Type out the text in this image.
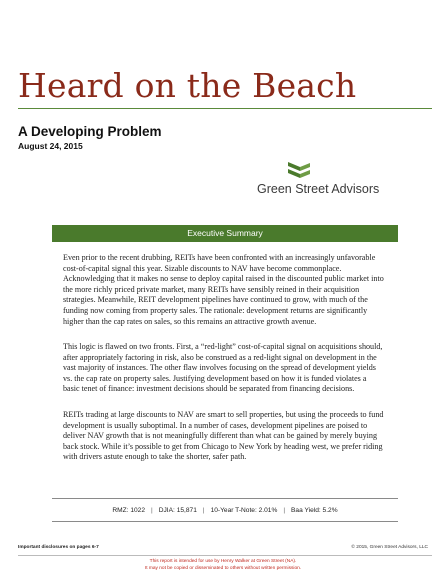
Heard on the Beach
A Developing Problem
August 24, 2015
Green Street Advisors
Executive Summary
Even prior to the recent drubbing, REITs have been confronted with an increasingly unfavorable cost-of-capital signal this year. Sizable discounts to NAV have become commonplace. Acknowledging that it makes no sense to deploy capital raised in the discounted public market into the more richly priced private market, many REITs have sensibly reined in their acquisition strategies. Meanwhile, REIT development pipelines have continued to grow, with much of the funding now coming from property sales. The rationale: development returns are significantly higher than the cap rates on sales, so this remains an attractive growth avenue.
This logic is flawed on two fronts. First, a “red-light” cost-of-capital signal on acquisitions should, after appropriately factoring in risk, also be construed as a red-light signal on development in the vast majority of instances. The other flaw involves focusing on the spread of development yields vs. the cap rate on property sales. Justifying development based on how it is funded violates a basic tenet of finance: investment decisions should be separated from financing decisions.
REITs trading at large discounts to NAV are smart to sell properties, but using the proceeds to fund development is usually suboptimal. In a number of cases, development pipelines are poised to deliver NAV growth that is not meaningfully different than what can be gained by merely buying back stock. While it’s possible to get from Chicago to New York by heading west, we prefer riding with drivers astute enough to take the shorter, safer path.
RMZ: 1022 | DJIA: 15,871 | 10-Year T-Note: 2.01% | Baa Yield: 5.2%
Important disclosures on pages 6-7	© 2015, Green Street Advisors, LLC
This report is intended for use by Henry Walker at Green Street (NA).
It may not be copied or disseminated to others without written permission.
